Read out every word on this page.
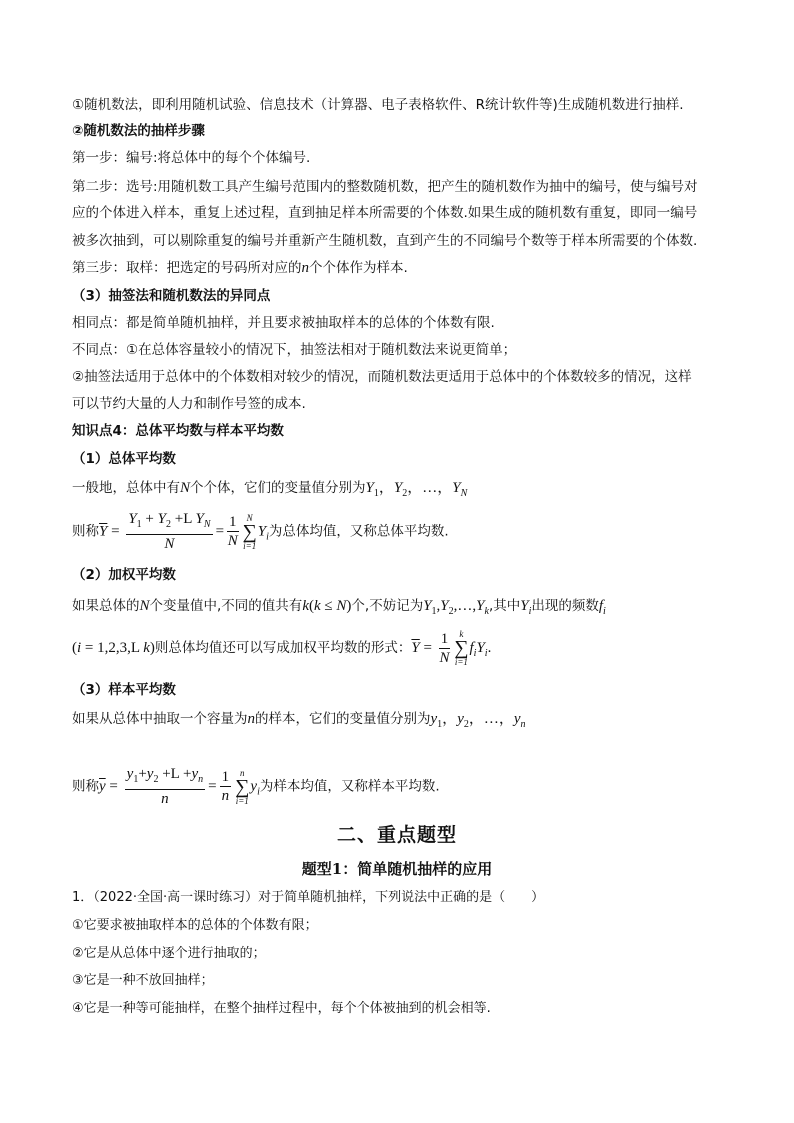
①随机数法，即利用随机试验、信息技术（计算器、电子表格软件、R统计软件等)生成随机数进行抽样.
②随机数法的抽样步骤
第一步：编号:将总体中的每个个体编号.
第二步：选号:用随机数工具产生编号范围内的整数随机数，把产生的随机数作为抽中的编号，使与编号对
应的个体进入样本，重复上述过程，直到抽足样本所需要的个体数.如果生成的随机数有重复，即同一编号
被多次抽到，可以剔除重复的编号并重新产生随机数，直到产生的不同编号个数等于样本所需要的个体数.
第三步：取样：把选定的号码所对应的n个个体作为样本.
（3）抽签法和随机数法的异同点
相同点：都是简单随机抽样，并且要求被抽取样本的总体的个体数有限.
不同点：①在总体容量较小的情况下，抽签法相对于随机数法来说更简单；
②抽签法适用于总体中的个体数相对较少的情况，而随机数法更适用于总体中的个体数较多的情况，这样
可以节约大量的人力和制作号签的成本.
知识点4：总体平均数与样本平均数
（1）总体平均数
一般地，总体中有N个个体，它们的变量值分别为$Y_1$，$Y_2$，…，$Y_N$
则称$\overline{Y} = \frac{Y_1 + Y_2 +L Y_N}{N} = \frac{1}{N}$ N
∑
i=1
$Y_i$为总体均值，又称总体平均数.
（2）加权平均数
如果总体的N个变量值中,不同的值共有k(k ≤ N)个,不妨记为$Y_1,Y_2,\dots,Y_k$,其中$Y_i$出现的频数$f_i$
(i = 1,2,3,L k)则总体均值还可以写成加权平均数的形式：$\overline{Y} = \frac{1}{N}$	k
∑
i=1
$f_iY_i$.
（3）样本平均数
如果从总体中抽取一个容量为n的样本，它们的变量值分别为$y_1$，$y_2$，…，$y_n$
则称$\overline{y} = \frac{y_1+y_2 +L +y_n}{n} = \frac{1}{n}$ n
∑
i=1
$y_i$为样本均值，又称样本平均数.
二、重点题型
题型1：简单随机抽样的应用
1．（2022·全国·高一课时练习）对于简单随机抽样，下列说法中正确的是（　　）
①它要求被抽取样本的总体的个体数有限；
②它是从总体中逐个进行抽取的；
③它是一种不放回抽样；
④它是一种等可能抽样，在整个抽样过程中，每个个体被抽到的机会相等.
